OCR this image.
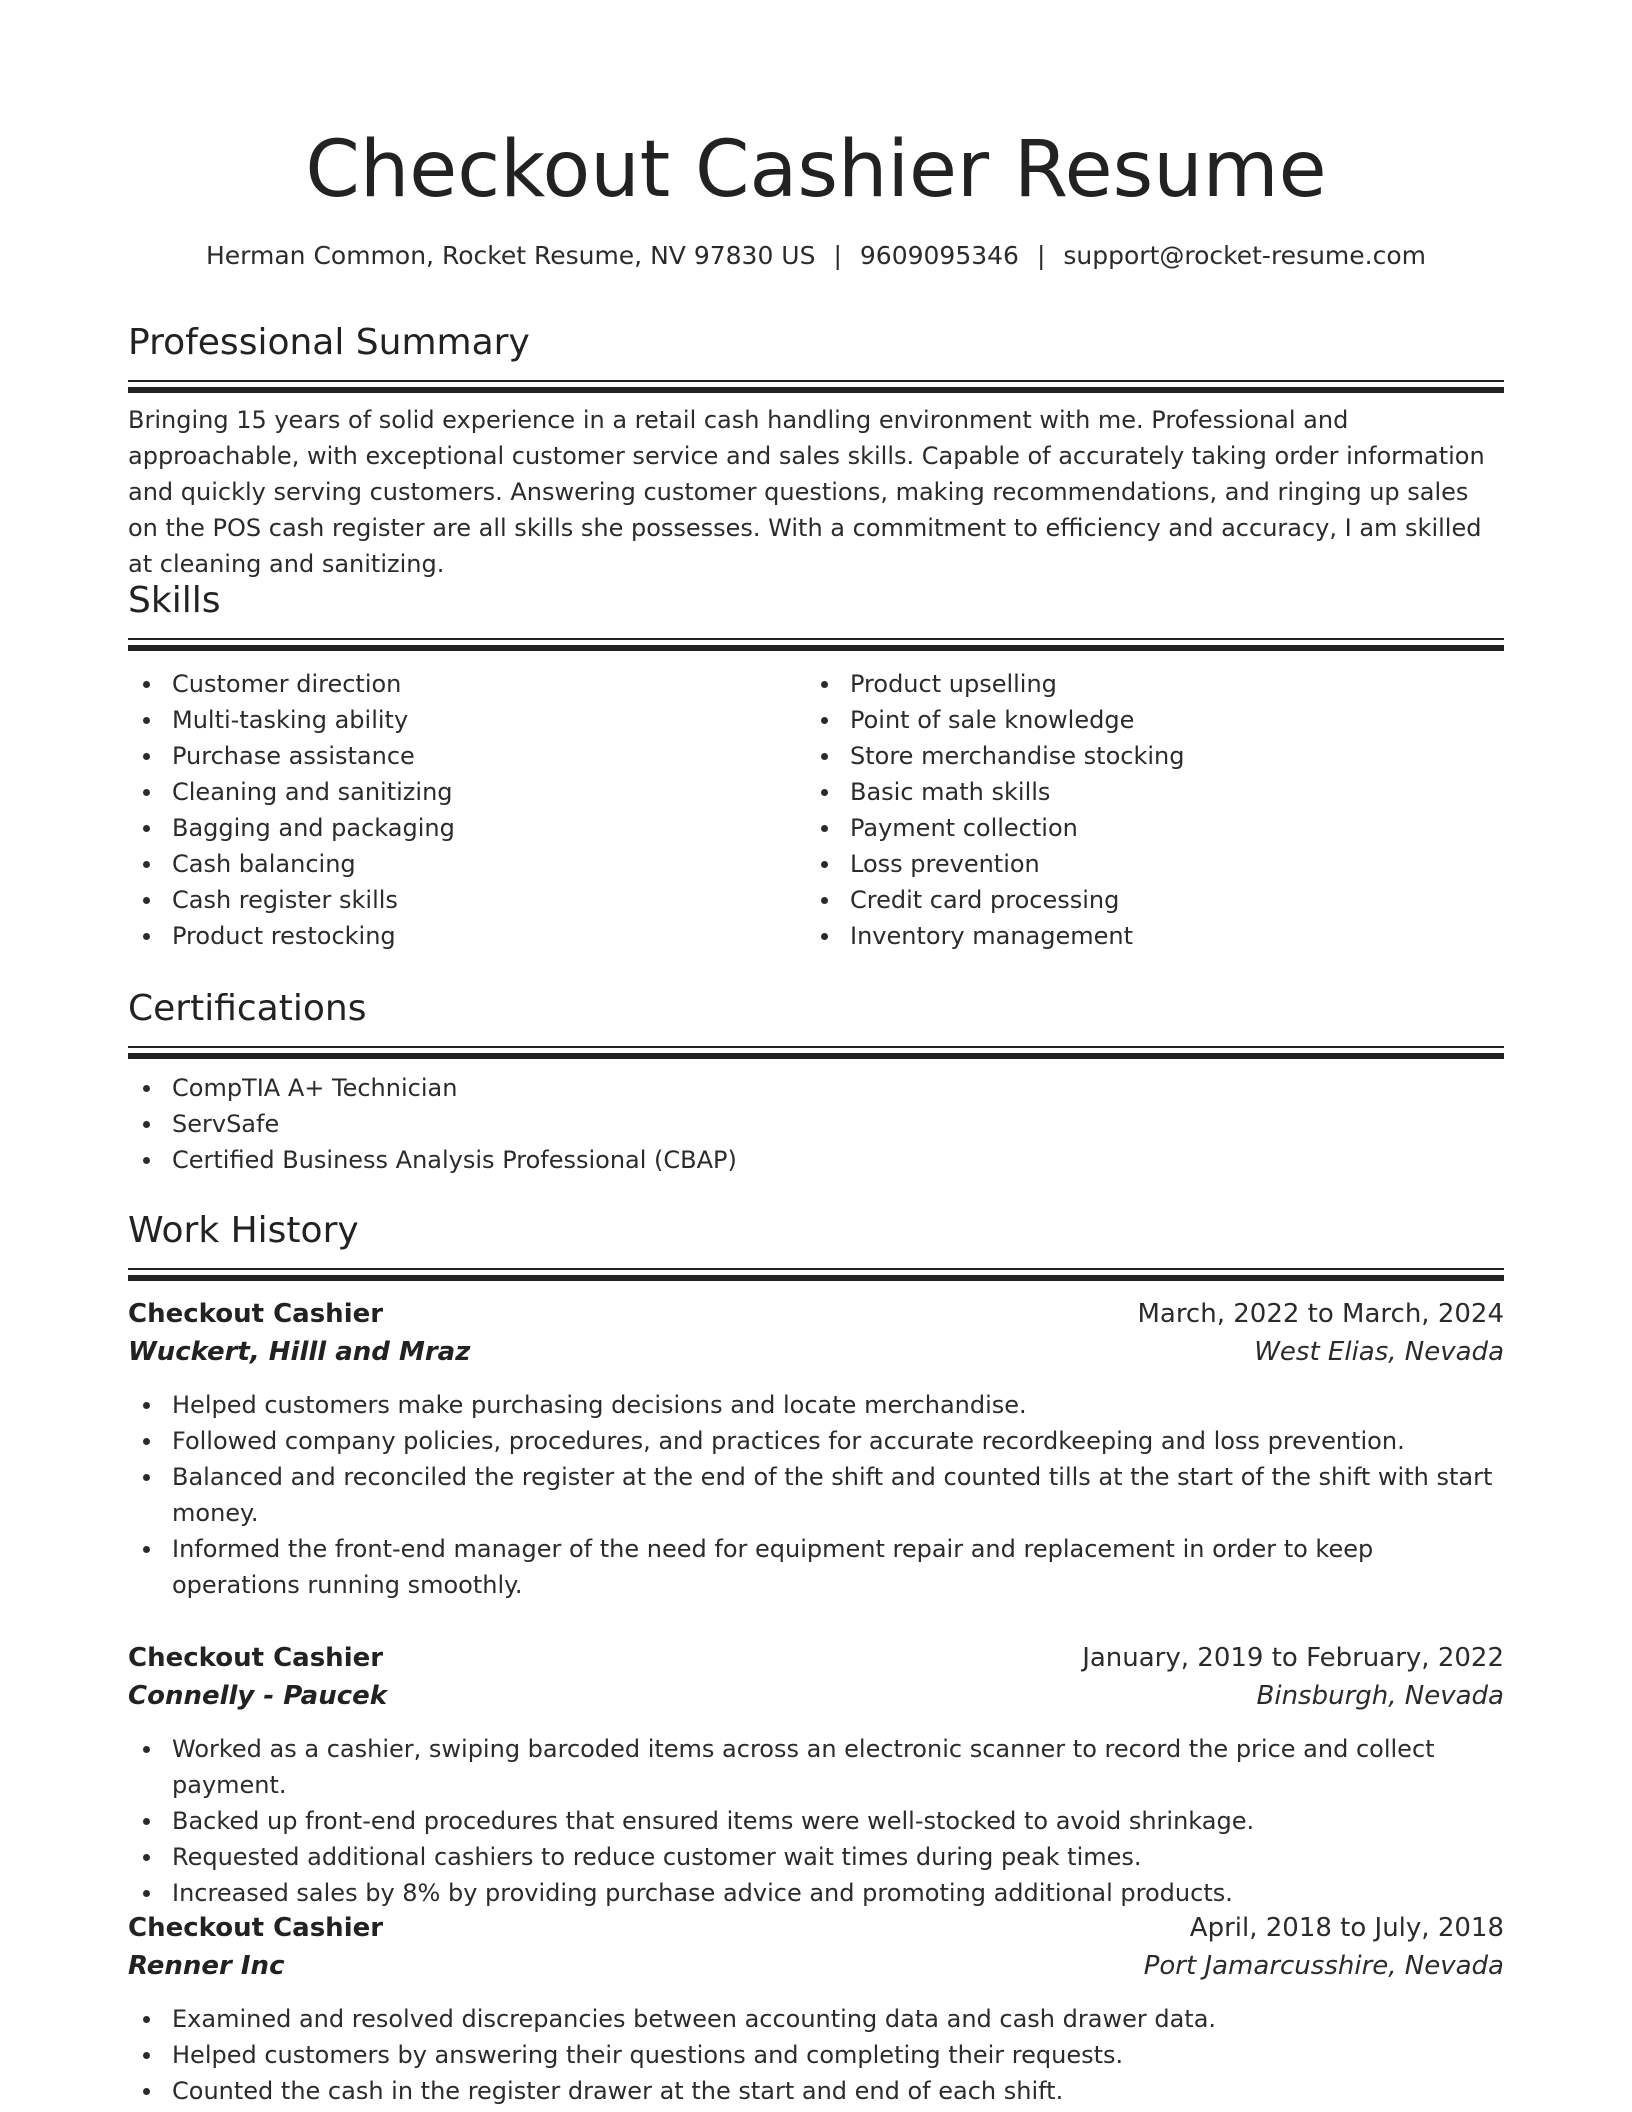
Checkout Cashier Resume
Herman Common, Rocket Resume, NV 97830 US | 9609095346 | support@rocket-resume.com
Professional Summary

Bringing 15 years of solid experience in a retail cash handling environment with me. Professional and approachable, with exceptional customer service and sales skills. Capable of accurately taking order information and quickly serving customers. Answering customer questions, making recommendations, and ringing up sales on the POS cash register are all skills she possesses. With a commitment to efficiency and accuracy, I am skilled at cleaning and sanitizing.

Skills
Customer direction
Multi-tasking ability
Purchase assistance
Cleaning and sanitizing
Bagging and packaging
Cash balancing
Cash register skills
Product restocking
Product upselling
Point of sale knowledge
Store merchandise stocking
Basic math skills
Payment collection
Loss prevention
Credit card processing
Inventory management
Certifications
CompTIA A+ Technician
ServSafe
Certified Business Analysis Professional (CBAP)
Work History
Checkout Cashier	March, 2022 to March, 2024
Wuckert, Hilll and Mraz	West Elias, Nevada
Helped customers make purchasing decisions and locate merchandise.
Followed company policies, procedures, and practices for accurate recordkeeping and loss prevention.
Balanced and reconciled the register at the end of the shift and counted tills at the start of the shift with start money.
Informed the front-end manager of the need for equipment repair and replacement in order to keep operations running smoothly.
Checkout Cashier	January, 2019 to February, 2022
Connelly - Paucek	Binsburgh, Nevada
Worked as a cashier, swiping barcoded items across an electronic scanner to record the price and collect payment.
Backed up front-end procedures that ensured items were well-stocked to avoid shrinkage.
Requested additional cashiers to reduce customer wait times during peak times.
Increased sales by 8% by providing purchase advice and promoting additional products.
Checkout Cashier	April, 2018 to July, 2018
Renner Inc	Port Jamarcusshire, Nevada
Examined and resolved discrepancies between accounting data and cash drawer data.
Helped customers by answering their questions and completing their requests.
Counted the cash in the register drawer at the start and end of each shift.
